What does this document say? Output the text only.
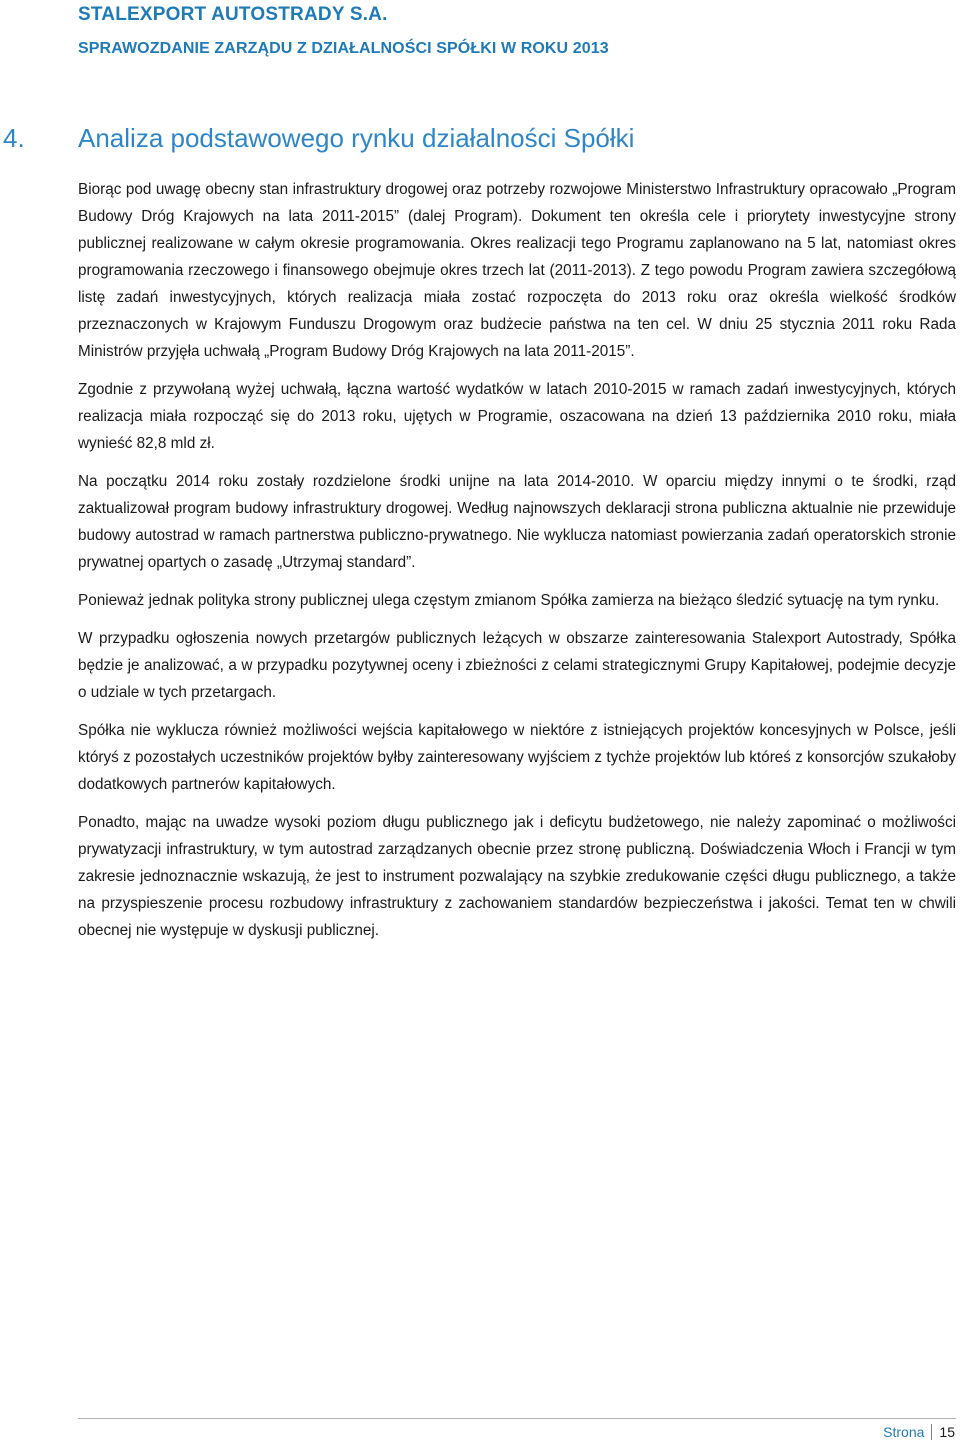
STALEXPORT AUTOSTRADY S.A.
SPRAWOZDANIE ZARZĄDU Z DZIAŁALNOŚCI SPÓŁKI W ROKU 2013
4. Analiza podstawowego rynku działalności Spółki

Biorąc pod uwagę obecny stan infrastruktury drogowej oraz potrzeby rozwojowe Ministerstwo Infrastruktury opracowało „Program Budowy Dróg Krajowych na lata 2011-2015” (dalej Program). Dokument ten określa cele i priorytety inwestycyjne strony publicznej realizowane w całym okresie programowania. Okres realizacji tego Programu zaplanowano na 5 lat, natomiast okres programowania rzeczowego i finansowego obejmuje okres trzech lat (2011-2013). Z tego powodu Program zawiera szczegółową listę zadań inwestycyjnych, których realizacja miała zostać rozpoczęta do 2013 roku oraz określa wielkość środków przeznaczonych w Krajowym Funduszu Drogowym oraz budżecie państwa na ten cel. W dniu 25 stycznia 2011 roku Rada Ministrów przyjęła uchwałą „Program Budowy Dróg Krajowych na lata 2011-2015”.

Zgodnie z przywołaną wyżej uchwałą, łączna wartość wydatków w latach 2010-2015 w ramach zadań inwestycyjnych, których realizacja miała rozpocząć się do 2013 roku, ujętych w Programie, oszacowana na dzień 13 października 2010 roku, miała wynieść 82,8 mld zł.

Na początku 2014 roku zostały rozdzielone środki unijne na lata 2014-2010. W oparciu między innymi o te środki, rząd zaktualizował program budowy infrastruktury drogowej. Według najnowszych deklaracji strona publiczna aktualnie nie przewiduje budowy autostrad w ramach partnerstwa publiczno-prywatnego. Nie wyklucza natomiast powierzania zadań operatorskich stronie prywatnej opartych o zasadę „Utrzymaj standard”.

Ponieważ jednak polityka strony publicznej ulega częstym zmianom Spółka zamierza na bieżąco śledzić sytuację na tym rynku.

W przypadku ogłoszenia nowych przetargów publicznych leżących w obszarze zainteresowania Stalexport Autostrady, Spółka będzie je analizować, a w przypadku pozytywnej oceny i zbieżności z celami strategicznymi Grupy Kapitałowej, podejmie decyzje o udziale w tych przetargach.

Spółka nie wyklucza również możliwości wejścia kapitałowego w niektóre z istniejących projektów koncesyjnych w Polsce, jeśli któryś z pozostałych uczestników projektów byłby zainteresowany wyjściem z tychże projektów lub któreś z konsorcjów szukałoby dodatkowych partnerów kapitałowych.

Ponadto, mając na uwadze wysoki poziom długu publicznego jak i deficytu budżetowego, nie należy zapominać o możliwości prywatyzacji infrastruktury, w tym autostrad zarządzanych obecnie przez stronę publiczną. Doświadczenia Włoch i Francji w tym zakresie jednoznacznie wskazują, że jest to instrument pozwalający na szybkie zredukowanie części długu publicznego, a także na przyspieszenie procesu rozbudowy infrastruktury z zachowaniem standardów bezpieczeństwa i jakości. Temat ten w chwili obecnej nie występuje w dyskusji publicznej.

Strona 15
